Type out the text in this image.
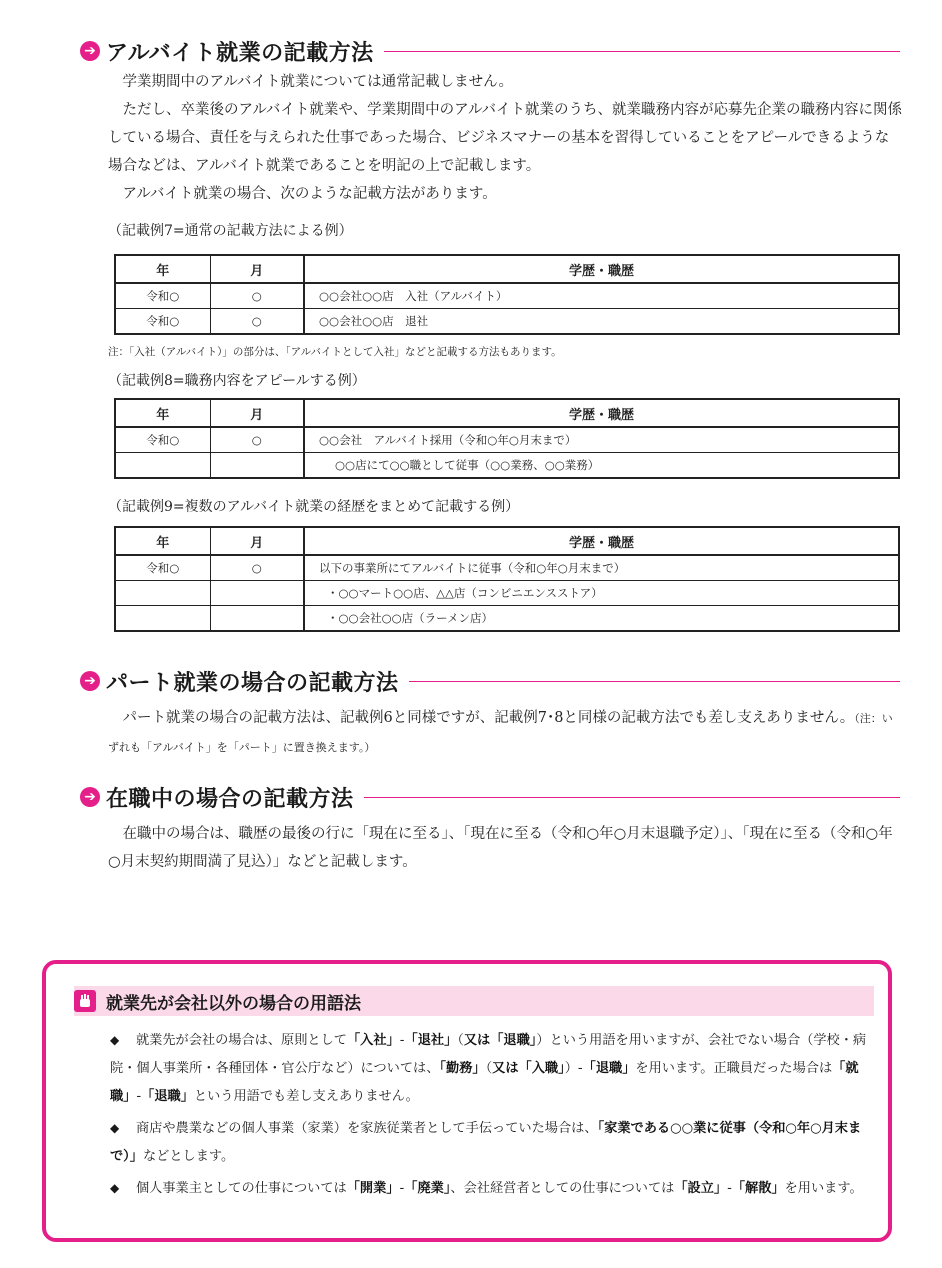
➔ アルバイト就業の記載方法
学業期間中のアルバイト就業については通常記載しません。
ただし、卒業後のアルバイト就業や、学業期間中のアルバイト就業のうち、就業職務内容が応募先企業の職務内容に関係している場合、責任を与えられた仕事であった場合、ビジネスマナーの基本を習得していることをアピールできるような場合などは、アルバイト就業であることを明記の上で記載します。
アルバイト就業の場合、次のような記載方法があります。
（記載例7=通常の記載方法による例）
年	月	学歴・職歴
令和○	○	○○会社○○店　入社（アルバイト）
令和○	○	○○会社○○店　退社
注：「入社（アルバイト）」の部分は、「アルバイトとして入社」などと記載する方法もあります。
（記載例8=職務内容をアピールする例）
年	月	学歴・職歴
令和○	○	○○会社　アルバイト採用（令和○年○月末まで）
		○○店にて○○職として従事（○○業務、○○業務）
（記載例9=複数のアルバイト就業の経歴をまとめて記載する例）
年	月	学歴・職歴
令和○	○	以下の事業所にてアルバイトに従事（令和○年○月末まで）
		・○○マート○○店、△△店（コンビニエンスストア）
		・○○会社○○店（ラーメン店）
➔ パート就業の場合の記載方法
パート就業の場合の記載方法は、記載例6と同様ですが、記載例7･8と同様の記載方法でも差し支えありません。（注：いずれも「アルバイト」を「パート」に置き換えます。）
➔ 在職中の場合の記載方法
在職中の場合は、職歴の最後の行に「現在に至る」、「現在に至る（令和○年○月末退職予定）」、「現在に至る（令和○年○月末契約期間満了見込）」などと記載します。
就業先が会社以外の場合の用語法
◆ 就業先が会社の場合は、原則として「入社」-「退社」（又は「退職」）という用語を用いますが、会社でない場合（学校・病院・個人事業所・各種団体・官公庁など）については、「勤務」（又は「入職」）-「退職」を用います。正職員だった場合は「就職」-「退職」という用語でも差し支えありません。
◆ 商店や農業などの個人事業（家業）を家族従業者として手伝っていた場合は、「家業である○○業に従事（令和○年○月末まで）」などとします。
◆ 個人事業主としての仕事については「開業」-「廃業」、会社経営者としての仕事については「設立」-「解散」を用います。
